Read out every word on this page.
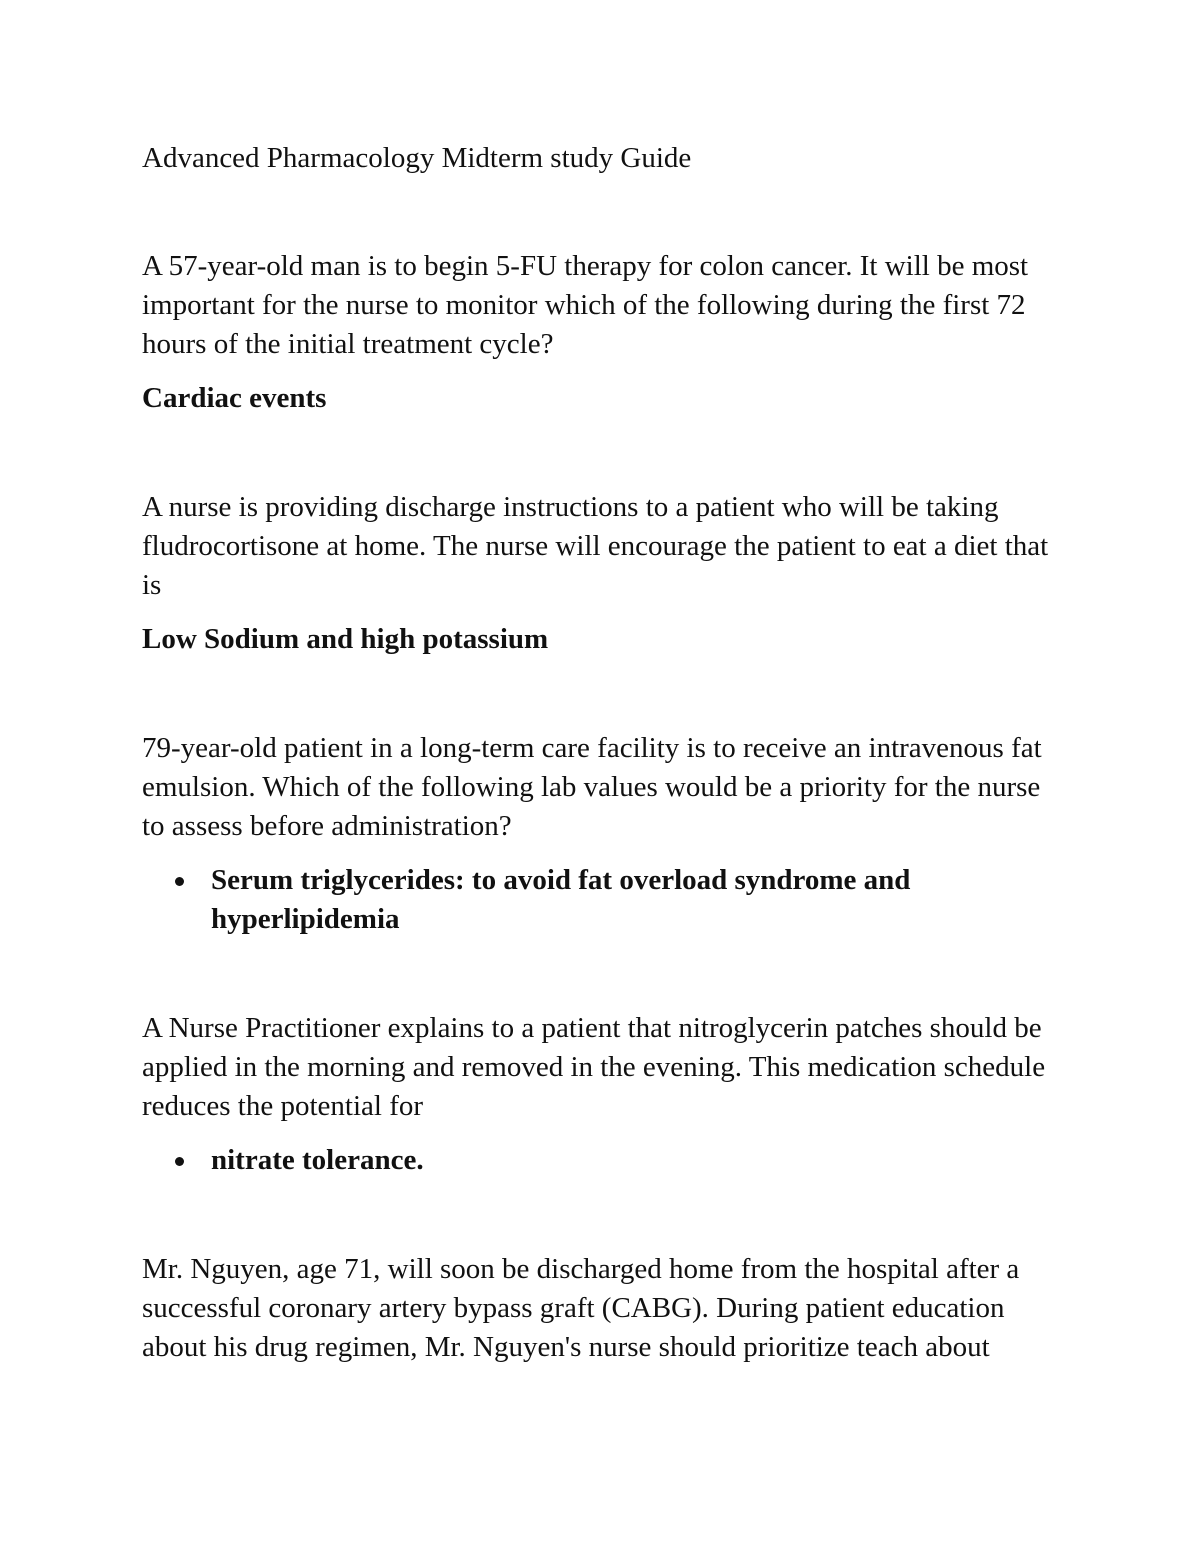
Advanced Pharmacology Midterm study Guide

A 57-year-old man is to begin 5-FU therapy for colon cancer. It will be most important for the nurse to monitor which of the following during the first 72 hours of the initial treatment cycle?

Cardiac events

A nurse is providing discharge instructions to a patient who will be taking fludrocortisone at home. The nurse will encourage the patient to eat a diet that is

Low Sodium and high potassium

79-year-old patient in a long-term care facility is to receive an intravenous fat emulsion. Which of the following lab values would be a priority for the nurse to assess before administration?

Serum triglycerides: to avoid fat overload syndrome and hyperlipidemia

A Nurse Practitioner explains to a patient that nitroglycerin patches should be applied in the morning and removed in the evening. This medication schedule reduces the potential for

nitrate tolerance.

Mr. Nguyen, age 71, will soon be discharged home from the hospital after a successful coronary artery bypass graft (CABG). During patient education about his drug regimen, Mr. Nguyen's nurse should prioritize teach about
